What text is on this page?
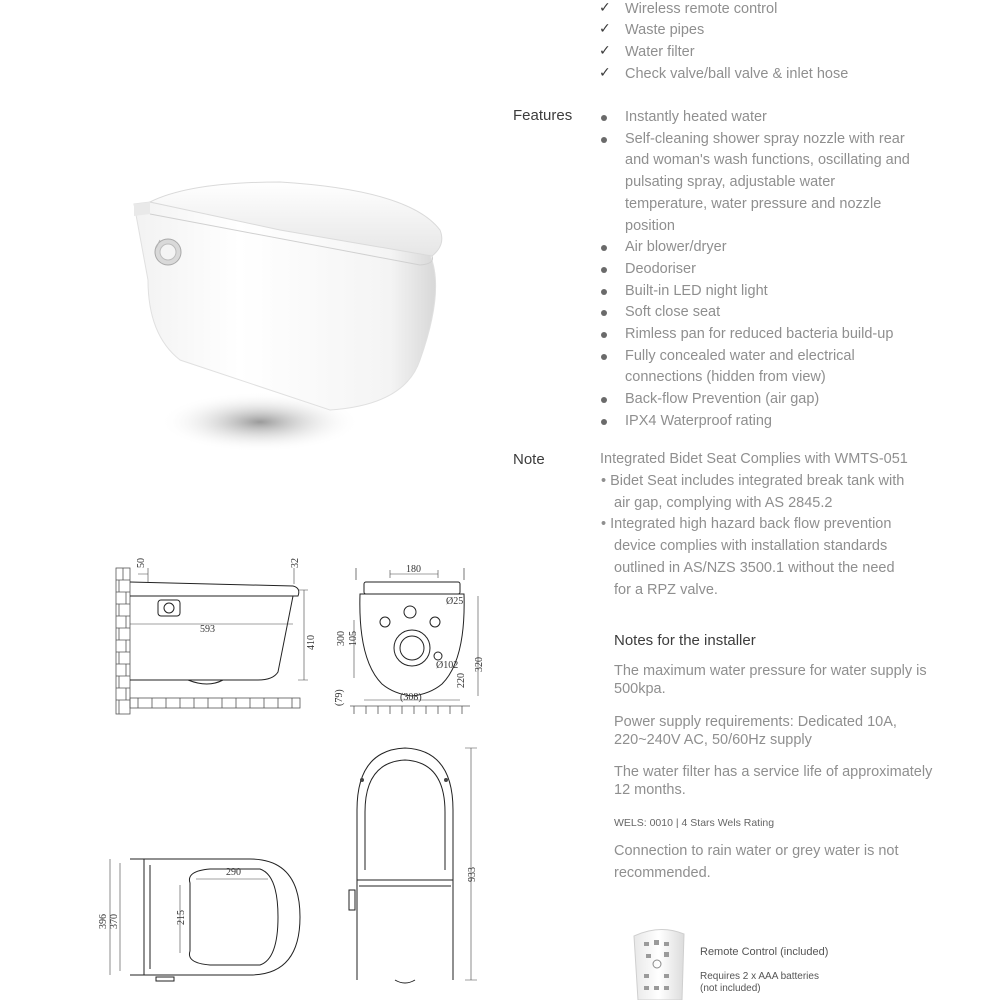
✓ Wireless remote control
✓ Waste pipes
✓ Water filter
✓ Check valve/ball valve & inlet hose
Features	Instantly heated water
Self-cleaning shower spray nozzle with rear
and woman's wash functions, oscillating and
pulsating spray, adjustable water
temperature, water pressure and nozzle
position
Air blower/dryer
Deodoriser
Built-in LED night light
Soft close seat
Rimless pan for reduced bacteria build-up
Fully concealed water and electrical
connections (hidden from view)
Back-flow Prevention (air gap)
IPX4 Waterproof rating
Note	Integrated Bidet Seat Complies with WMTS-051
• Bidet Seat includes integrated break tank with
air gap, complying with AS 2845.2
• Integrated high hazard back flow prevention
device complies with installation standards
outlined in AS/NZS 3500.1 without the need
for a RPZ valve.
Notes for the installer
The maximum water pressure for water supply is 500kpa.
Power supply requirements: Dedicated 10A, 220~240V AC, 50/60Hz supply
The water filter has a service life of approximately 12 months.
WELS: 0010 | 4 Stars Wels Rating
Connection to rain water or grey water is not recommended.
Remote Control (included)
Requires 2 x AAA batteries
(not included)
50	32
593
410
180
Ø25
300 105
Ø102
220
320
(79)	(308)
933
290
215
396 370
